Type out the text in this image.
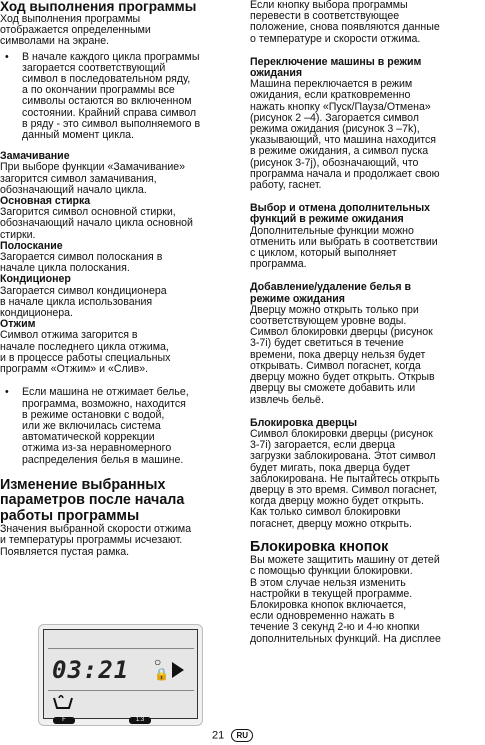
Ход выполнения программы
Ход выполнения программы
отображается определенными
символами на экране.
• В начале каждого цикла программы
загорается соответствующий
символ в последовательном ряду,
а по окончании программы все
символы остаются во включенном
состоянии. Крайний справа символ
в ряду - это символ выполняемого в
данный момент цикла.
Замачивание
При выборе функции «Замачивание»
загорится символ замачивания,
обозначающий начало цикла.
Основная стирка
Загорится символ основной стирки,
обозначающий начало цикла основной
стирки.
Полоскание
Загорается символ полоскания в
начале цикла полоскания.
Кондиционер
Загорается символ кондиционера
в начале цикла использования
кондиционера.
Отжим
Символ отжима загорится в
начале последнего цикла отжима,
и в процессе работы специальных
программ «Отжим» и «Слив».
• Если машина не отжимает белье,
программа, возможно, находится
в режиме остановки с водой,
или же включилась система
автоматической коррекции
отжима из-за неравномерного
распределения белья в машине.
Изменение выбранных
параметров после начала
работы программы
Значения выбранной скорости отжима
и температуры программы исчезают.
Появляется пустая рамка.
03:21 ○
🔒
F	1:3
Если кнопку выбора программы
перевести в соответствующее
положение, снова появляются данные
о температуре и скорости отжима.
Переключение машины в режим
ожидания
Машина переключается в режим
ожидания, если кратковременно
нажать кнопку «Пуск/Пауза/Отмена»
(рисунок 2 –4). Загорается символ
режима ожидания (рисунок 3 –7k),
указывающий, что машина находится
в режиме ожидания, а символ пуска
(рисунок 3-7j), обозначающий, что
программа начала и продолжает свою
работу, гаснет.
Выбор и отмена дополнительных
функций в режиме ожидания
Дополнительные функции можно
отменить или выбрать в соответствии
с циклом, который выполняет
программа.
Добавление/удаление белья в
режиме ожидания
Дверцу можно открыть только при
соответствующем уровне воды.
Символ блокировки дверцы (рисунок
3-7i) будет светиться в течение
времени, пока дверцу нельзя будет
открывать. Символ погаснет, когда
дверцу можно будет открыть. Открыв
дверцу вы сможете добавить или
извлечь бельё.
Блокировка дверцы
Символ блокировки дверцы (рисунок
3-7i) загорается, если дверца
загрузки заблокирована. Этот символ
будет мигать, пока дверца будет
заблокирована. Не пытайтесь открыть
дверцу в это время. Символ погаснет,
когда дверцу можно будет открыть.
Как только символ блокировки
погаснет, дверцу можно открыть.
Блокировка кнопок
Вы можете защитить машину от детей
с помощью функции блокировки.
В этом случае нельзя изменить
настройки в текущей программе.
Блокировка кнопок включается,
если одновременно нажать в
течение 3 секунд 2-ю и 4-ю кнопки
дополнительных функций. На дисплее
21 RU
